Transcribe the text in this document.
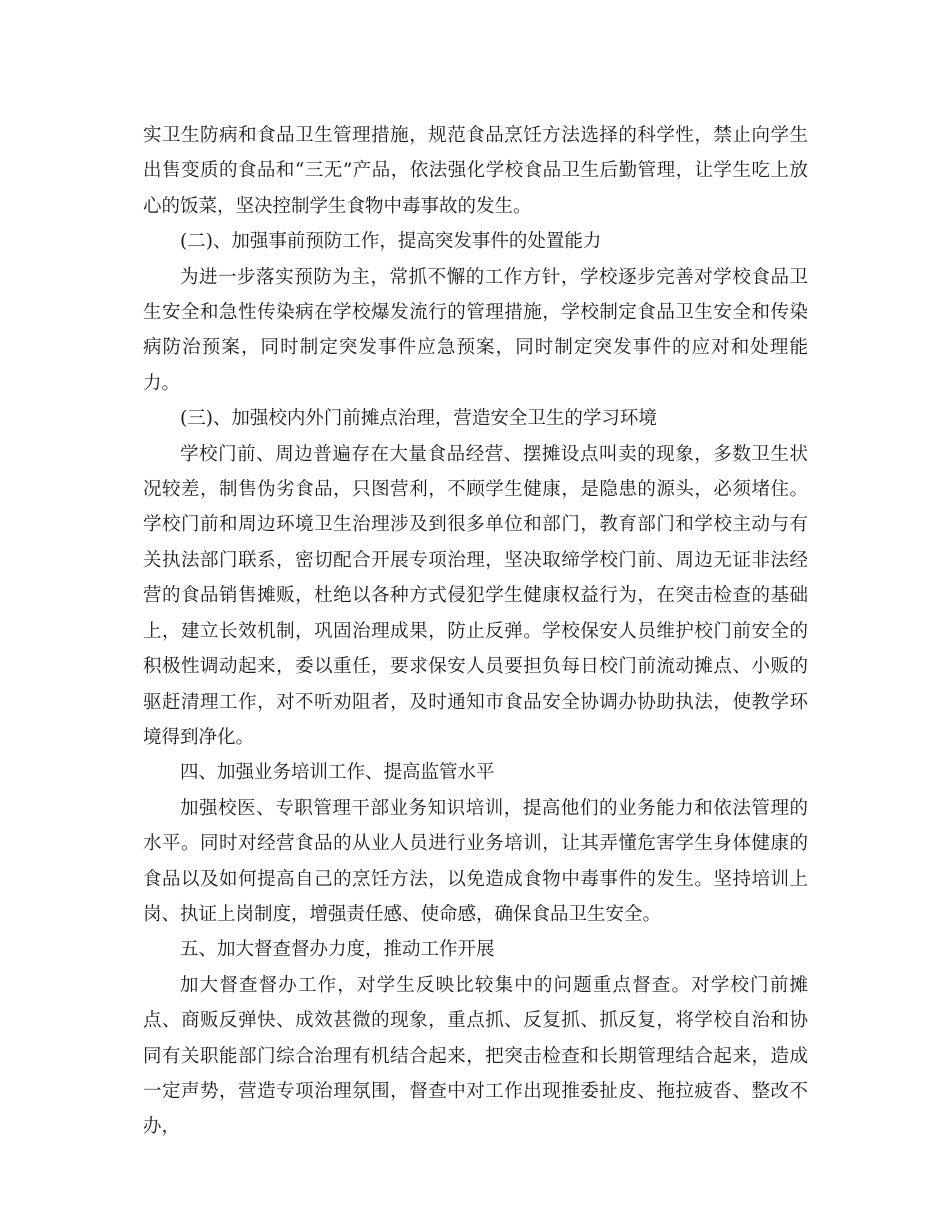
实卫生防病和食品卫生管理措施，规范食品烹饪方法选择的科学性，禁止向学生出售变质的食品和“三无”产品，依法强化学校食品卫生后勤管理，让学生吃上放心的饭菜，坚决控制学生食物中毒事故的发生。

(二)、加强事前预防工作，提高突发事件的处置能力

为进一步落实预防为主，常抓不懈的工作方针，学校逐步完善对学校食品卫生安全和急性传染病在学校爆发流行的管理措施，学校制定食品卫生安全和传染病防治预案，同时制定突发事件应急预案，同时制定突发事件的应对和处理能力。

(三)、加强校内外门前摊点治理，营造安全卫生的学习环境

学校门前、周边普遍存在大量食品经营、摆摊设点叫卖的现象，多数卫生状况较差，制售伪劣食品，只图营利，不顾学生健康，是隐患的源头，必须堵住。学校门前和周边环境卫生治理涉及到很多单位和部门，教育部门和学校主动与有关执法部门联系，密切配合开展专项治理，坚决取缔学校门前、周边无证非法经营的食品销售摊贩，杜绝以各种方式侵犯学生健康权益行为，在突击检查的基础上，建立长效机制，巩固治理成果，防止反弹。学校保安人员维护校门前安全的积极性调动起来，委以重任，要求保安人员要担负每日校门前流动摊点、小贩的驱赶清理工作，对不听劝阻者，及时通知市食品安全协调办协助执法，使教学环境得到净化。

四、加强业务培训工作、提高监管水平

加强校医、专职管理干部业务知识培训，提高他们的业务能力和依法管理的水平。同时对经营食品的从业人员进行业务培训，让其弄懂危害学生身体健康的食品以及如何提高自己的烹饪方法，以免造成食物中毒事件的发生。坚持培训上岗、执证上岗制度，增强责任感、使命感，确保食品卫生安全。

五、加大督查督办力度，推动工作开展

加大督查督办工作，对学生反映比较集中的问题重点督查。对学校门前摊点、商贩反弹快、成效甚微的现象，重点抓、反复抓、抓反复，将学校自治和协同有关职能部门综合治理有机结合起来，把突击检查和长期管理结合起来，造成一定声势，营造专项治理氛围，督查中对工作出现推委扯皮、拖拉疲沓、整改不办，
